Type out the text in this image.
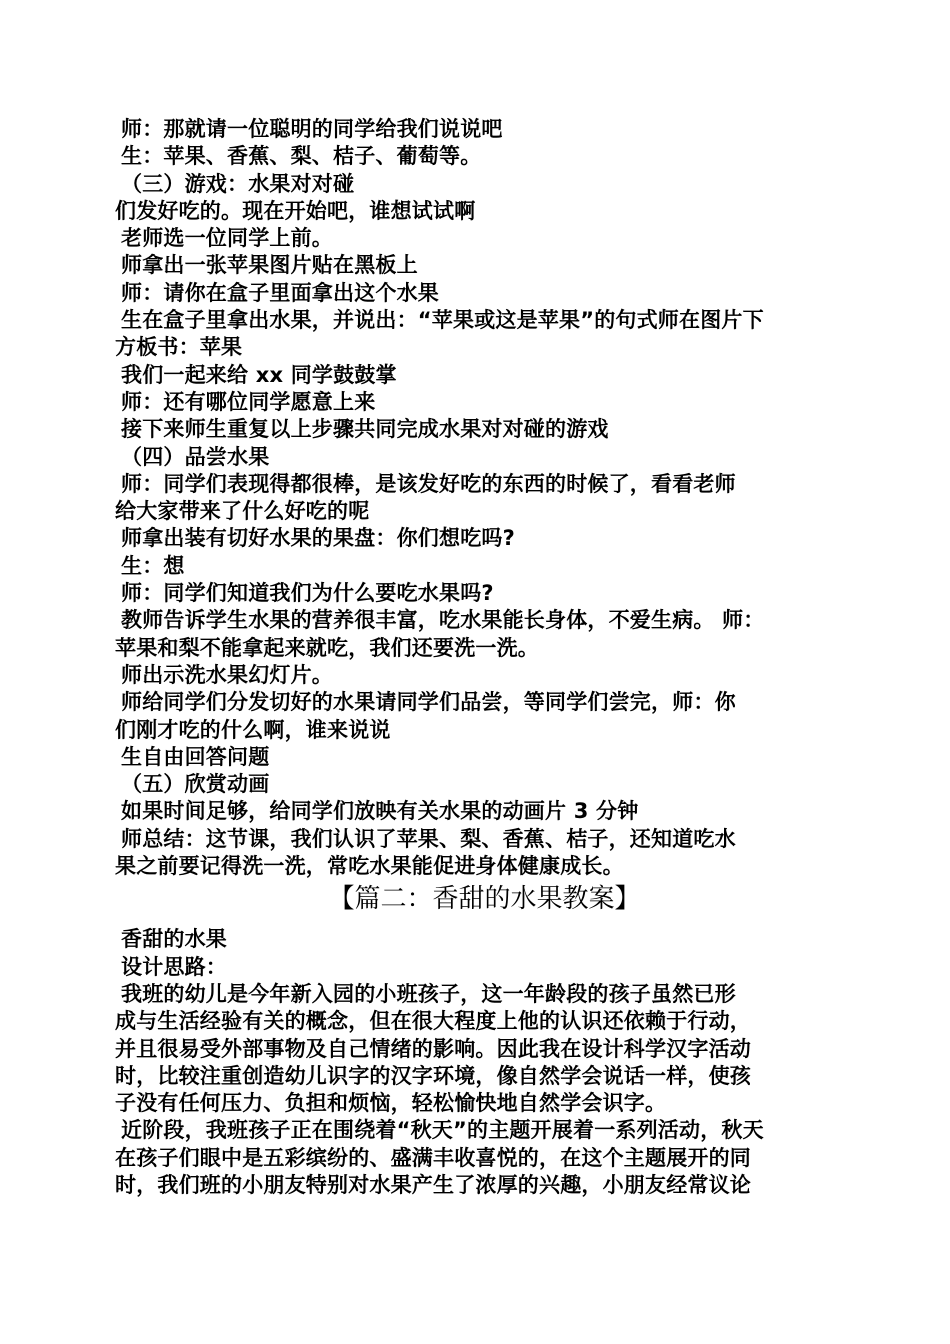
师：那就请一位聪明的同学给我们说说吧
生：苹果、香蕉、梨、桔子、葡萄等。
（三）游戏：水果对对碰
们发好吃的。现在开始吧，谁想试试啊
老师选一位同学上前。
师拿出一张苹果图片贴在黑板上
师：请你在盒子里面拿出这个水果
生在盒子里拿出水果，并说出：“苹果或这是苹果”的句式师在图片下
方板书：苹果
我们一起来给 xx 同学鼓鼓掌
师：还有哪位同学愿意上来
接下来师生重复以上步骤共同完成水果对对碰的游戏
（四）品尝水果
师：同学们表现得都很棒，是该发好吃的东西的时候了，看看老师
给大家带来了什么好吃的呢
师拿出装有切好水果的果盘：你们想吃吗?
生：想
师：同学们知道我们为什么要吃水果吗?
教师告诉学生水果的营养很丰富，吃水果能长身体，不爱生病。 师：
苹果和梨不能拿起来就吃，我们还要洗一洗。
师出示洗水果幻灯片。
师给同学们分发切好的水果请同学们品尝，等同学们尝完，师：你
们刚才吃的什么啊，谁来说说
生自由回答问题
（五）欣赏动画
如果时间足够，给同学们放映有关水果的动画片 3 分钟
师总结：这节课，我们认识了苹果、梨、香蕉、桔子，还知道吃水
果之前要记得洗一洗，常吃水果能促进身体健康成长。
【篇二：香甜的水果教案】
香甜的水果
设计思路：
我班的幼儿是今年新入园的小班孩子，这一年龄段的孩子虽然已形
成与生活经验有关的概念，但在很大程度上他的认识还依赖于行动，
并且很易受外部事物及自己情绪的影响。因此我在设计科学汉字活动
时，比较注重创造幼儿识字的汉字环境，像自然学会说话一样，使孩
子没有任何压力、负担和烦恼，轻松愉快地自然学会识字。
近阶段，我班孩子正在围绕着“秋天”的主题开展着一系列活动，秋天
在孩子们眼中是五彩缤纷的、盛满丰收喜悦的，在这个主题展开的同
时，我们班的小朋友特别对水果产生了浓厚的兴趣，小朋友经常议论
